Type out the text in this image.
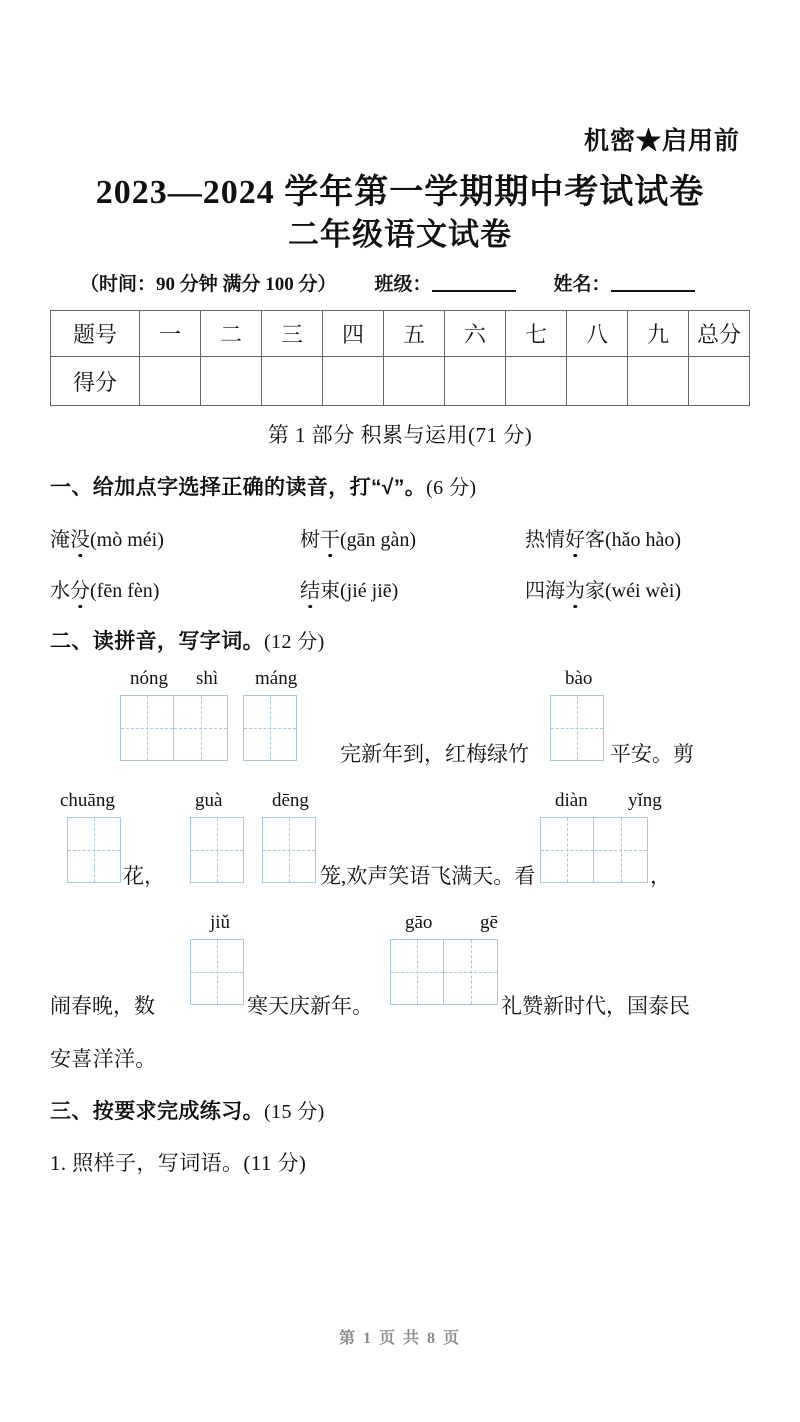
机密★启用前
2023—2024 学年第一学期期中考试试卷
二年级语文试卷
（时间：90 分钟 满分 100 分） 班级：	姓名：
题号	一	二	三	四	五	六	七	八	九	总分
得分										
第 1 部分 积累与运用(71 分)
一、给加点字选择正确的读音，打“√”。(6 分)
淹没(mò méi)	树干(gān gàn)	热情好客(hǎo hào)
水分(fēn fèn)	结束(jié jiē)	四海为家(wéi wèi)
二、读拼音，写字词。(12 分)
nóng shì máng	bào
完新年到，红梅绿竹	平安。剪
chuāng	guà	dēng	diàn yǐng
花，	笼,欢声笑语飞满天。看	，
jiǔ	gāo	gē
闹春晚，数	寒天庆新年。	礼赞新时代，国泰民
安喜洋洋。
三、按要求完成练习。(15 分)
1. 照样子，写词语。(11 分)
第 1 页 共 8 页
